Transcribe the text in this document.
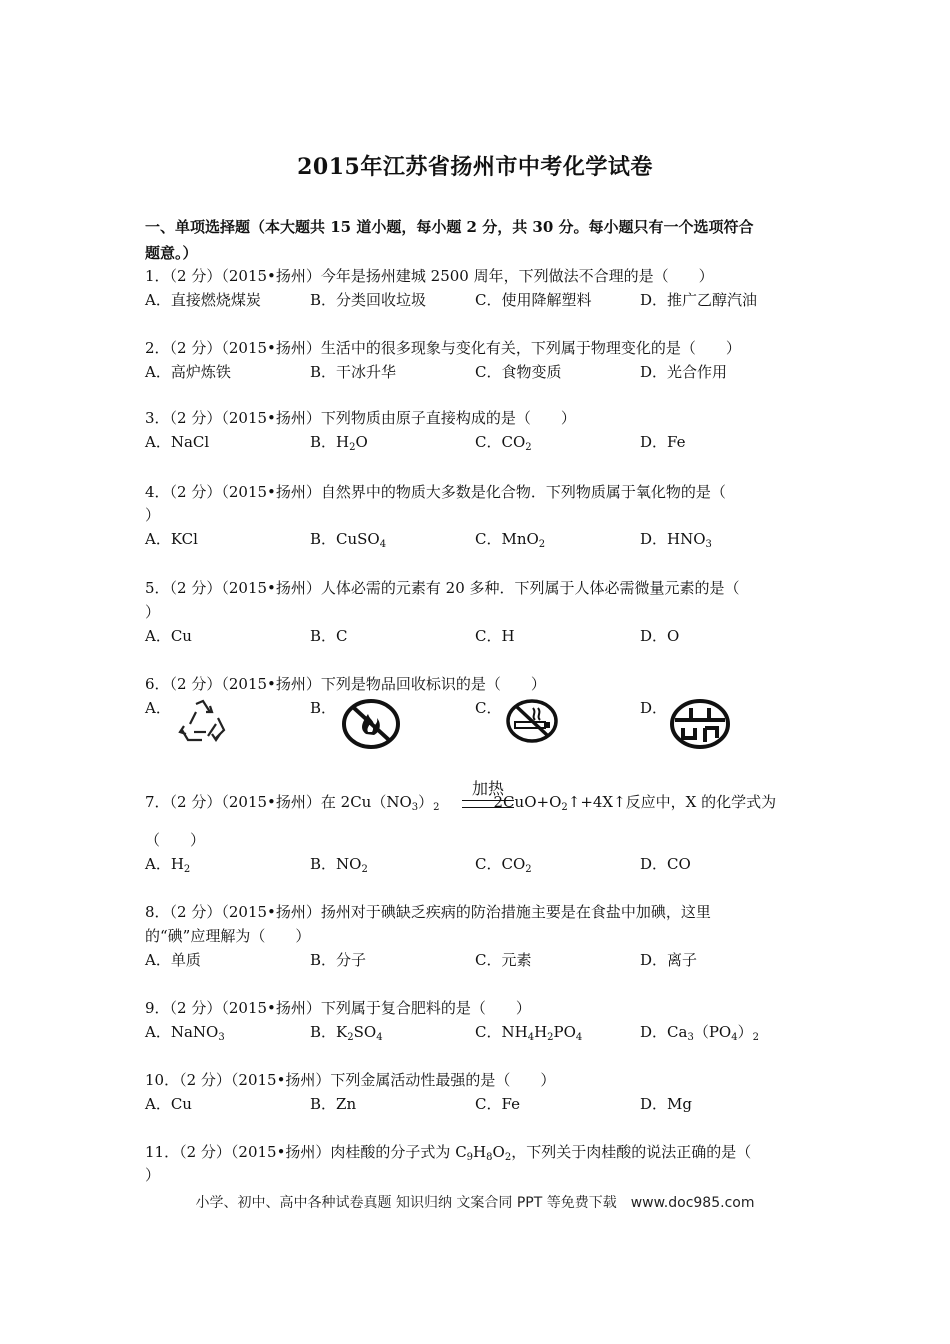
2015年江苏省扬州市中考化学试卷
一、单项选择题（本大题共 15 道小题，每小题 2 分，共 30 分。每小题只有一个选项符合
题意。）
1．（2 分）（2015•扬州）今年是扬州建城 2500 周年，下列做法不合理的是（　　）
A．直接燃烧煤炭	B．分类回收垃圾	C．使用降解塑料	D．推广乙醇汽油
2．（2 分）（2015•扬州）生活中的很多现象与变化有关，下列属于物理变化的是（　　）
A．高炉炼铁	B．干冰升华	C．食物变质	D．光合作用
3．（2 分）（2015•扬州）下列物质由原子直接构成的是（　　）
A．NaCl	B．$H_2O$	C．$CO_2$	D．Fe
4．（2 分）（2015•扬州）自然界中的物质大多数是化合物．下列物质属于氧化物的是（
）
A．KCl	B．CuSO$_4$	C．MnO$_2$	D．$HNO_3$
5．（2 分）（2015•扬州）人体必需的元素有 20 多种．下列属于人体必需微量元素的是（
）
A．Cu	B．C	C．H	D．O
6．（2 分）（2015•扬州）下列是物品回收标识的是（　　）
A．	B．	C．	D．
7．（2 分）（2015•扬州）在 $2Cu(NO_3)_2$	$2CuO+O_2↑+4X↑$反应中，X 的化学式为
加热
（　　）
A．$H_2$	B．$NO_2$	C．$CO_2$	D．CO
8．（2 分）（2015•扬州）扬州对于碘缺乏疾病的防治措施主要是在食盐中加碘，这里
的“碘”应理解为（　　）
A．单质	B．分子	C．元素	D．离子
9．（2 分）（2015•扬州）下列属于复合肥料的是（　　）
A．NaNO$_3$	B．$K_2SO_4$	C．$NH_4H_2PO_4$	D．$Ca_3(PO_4)_2$
10．（2 分）（2015•扬州）下列金属活动性最强的是（　　）
A．Cu	B．Zn	C．Fe	D．Mg
11．（2 分）（2015•扬州）肉桂酸的分子式为 $C_9H_8O_2$，下列关于肉桂酸的说法正确的是（
）
小学、初中、高中各种试卷真题 知识归纳 文案合同 PPT 等免费下载　www.doc985.com
